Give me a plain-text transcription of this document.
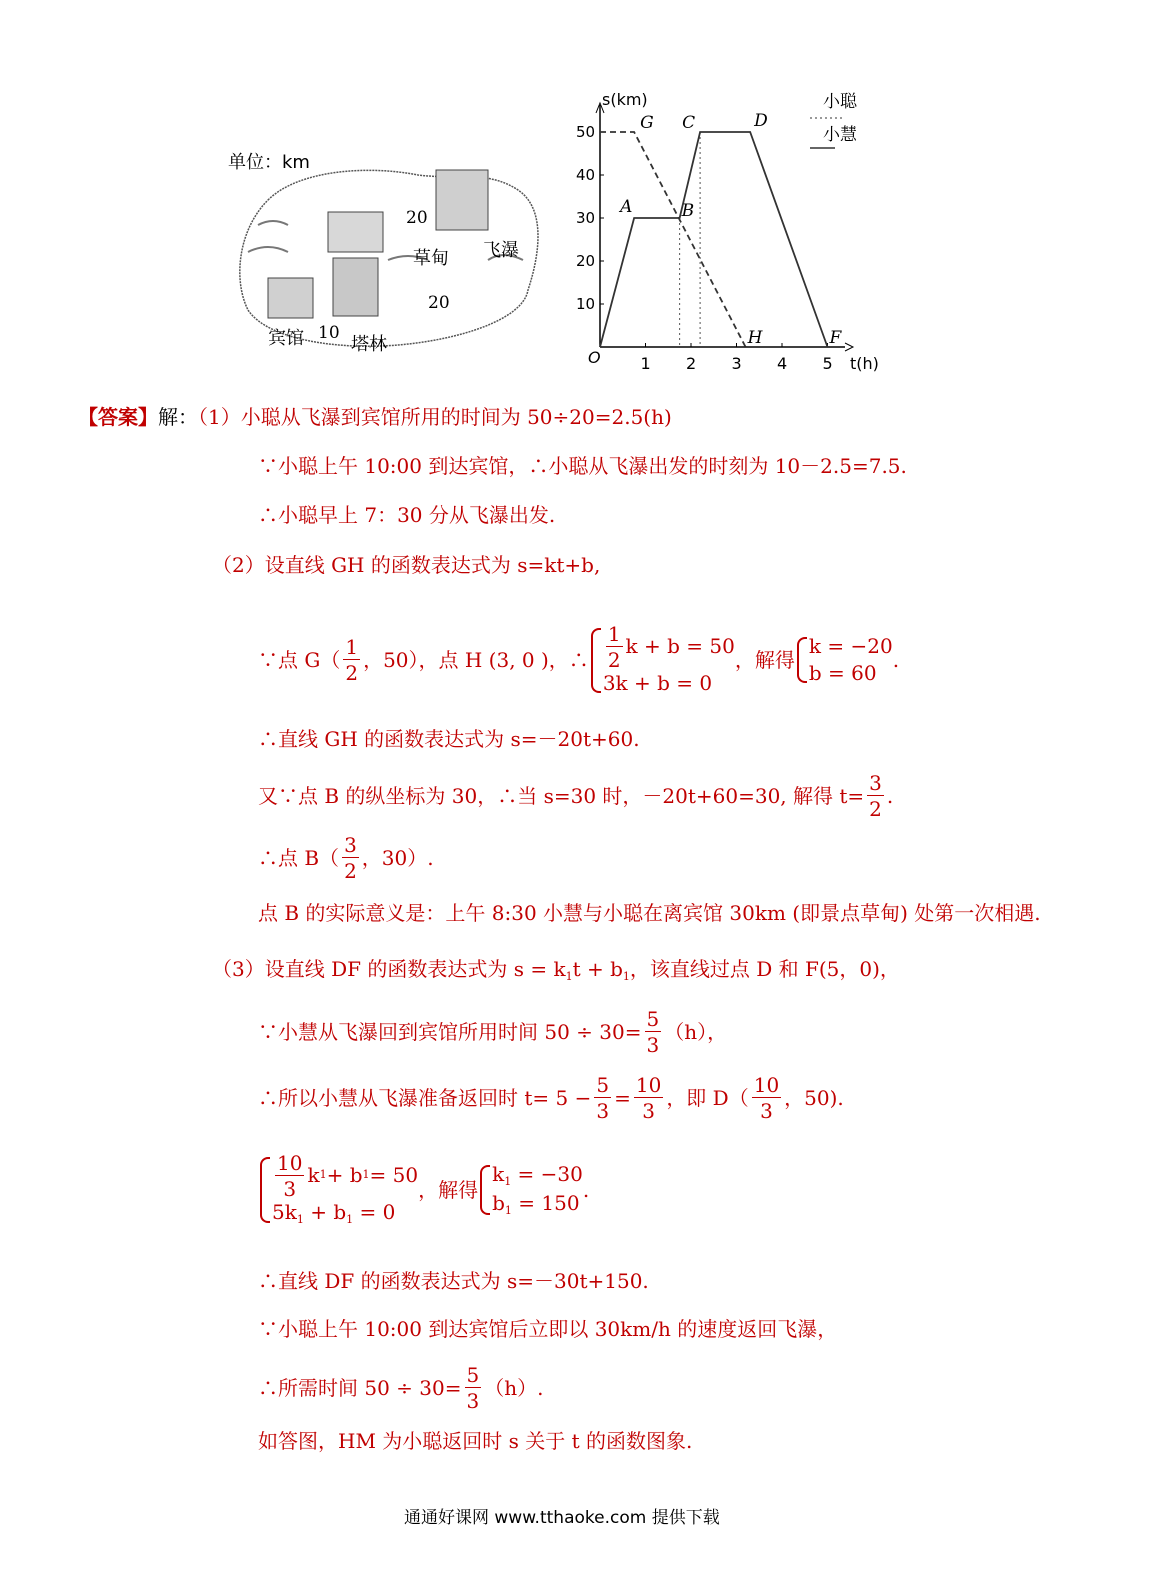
单位：km
草甸 飞瀑
宾馆	塔林
20
20
10
s(km)
t(h)
O 1 2 3 4 5
10
20
30
40
50	G C	D
A	B
H	F
小聪
小慧
【答案】解：（1）小聪从飞瀑到宾馆所用的时间为 50÷20=2.5(h)
∵小聪上午 10:00 到达宾馆，∴小聪从飞瀑出发的时刻为 10－2.5=7.5.
∴小聪早上 7：30 分从飞瀑出发.
（2）设直线 GH 的函数表达式为 s=kt+b,
∵点 $G( \frac{1}{2}$ ，50），点 H (3, 0 )，∴ $\frac{1}{2}$ k + b = 50
3k + b = 0
，解得
k = −20
b = 60
.
∴直线 GH 的函数表达式为 s=－20t+60.
又∵点 B 的纵坐标为 30，∴当 s=30 时，－20t+60=30, 解得 $t= \frac{3}{2}$ .
∴点 $B( \frac{3}{2}$ ，30）.
点 B 的实际意义是：上午 8:30 小慧与小聪在离宾馆 30km (即景点草甸) 处第一次相遇.
（3）设直线 DF 的函数表达式为 $s = k_1t + b_1$，该直线过点 D 和 F(5，0)，
∵小慧从飞瀑回到宾馆所用时间 $50 \div 30= \frac{5}{3} (h)$，
∴所以小慧从飞瀑准备返回时 $t= 5 - \frac{5}{3} = \frac{10}{3}$ ，即 $D( \frac{10}{3}$ ，50).
$\frac{10}{3}$ k 1 + b 1 = 50
$5k_1 + b_1 = 0$
，解得
$k_1 = -30$
$b_1 = 150$
.
∴直线 DF 的函数表达式为 s=－30t+150.
∵小聪上午 10:00 到达宾馆后立即以 30km/h 的速度返回飞瀑，
∴所需时间 $50 \div 30= \frac{5}{3} (h)$.
如答图，HM 为小聪返回时 s 关于 t 的函数图象.
通通好课网 www.tthaoke.com 提供下载
